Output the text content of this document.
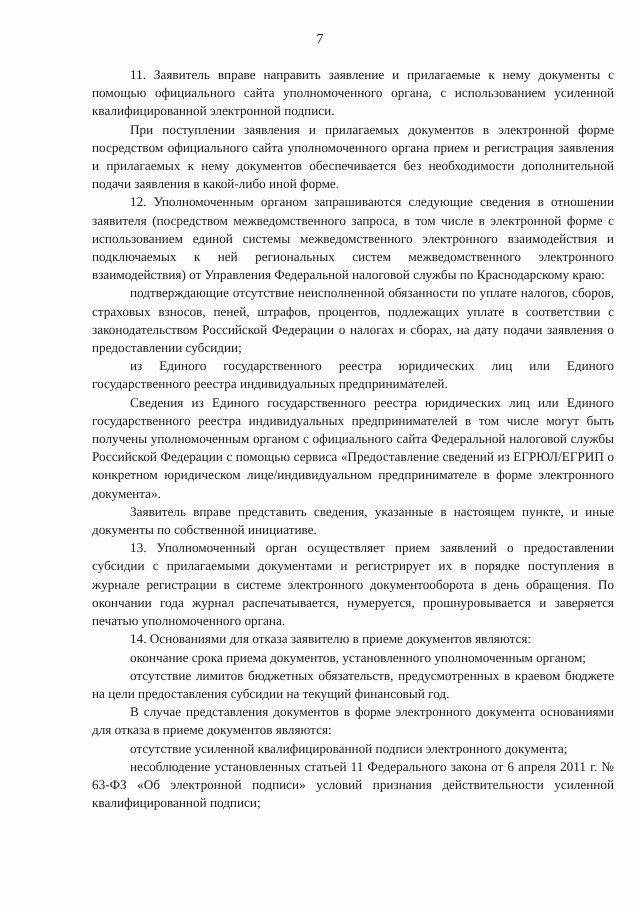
7

11. Заявитель вправе направить заявление и прилагаемые к нему документы с помощью официального сайта уполномоченного органа, с использованием усиленной квалифицированной электронной подписи.

При поступлении заявления и прилагаемых документов в электронной форме посредством официального сайта уполномоченного органа прием и регистрация заявления и прилагаемых к нему документов обеспечивается без необходимости дополнительной подачи заявления в какой-либо иной форме.

12. Уполномоченным органом запрашиваются следующие сведения в отношении заявителя (посредством межведомственного запроса, в том числе в электронной форме с использованием единой системы межведомственного электронного взаимодействия и подключаемых к ней региональных систем межведомственного электронного взаимодействия) от Управления Федеральной налоговой службы по Краснодарскому краю:

подтверждающие отсутствие неисполненной обязанности по уплате налогов, сборов, страховых взносов, пеней, штрафов, процентов, подлежащих уплате в соответствии с законодательством Российской Федерации о налогах и сборах, на дату подачи заявления о предоставлении субсидии;

из Единого государственного реестра юридических лиц или Единого государственного реестра индивидуальных предпринимателей.

Сведения из Единого государственного реестра юридических лиц или Единого государственного реестра индивидуальных предпринимателей в том числе могут быть получены уполномоченным органом с официального сайта Федеральной налоговой службы Российской Федерации с помощью сервиса «Предоставление сведений из ЕГРЮЛ/ЕГРИП о конкретном юридическом лице/индивидуальном предпринимателе в форме электронного документа».

Заявитель вправе представить сведения, указанные в настоящем пункте, и иные документы по собственной инициативе.

13. Уполномоченный орган осуществляет прием заявлений о предоставлении субсидии с прилагаемыми документами и регистрирует их в порядке поступления в журнале регистрации в системе электронного документооборота в день обращения. По окончании года журнал распечатывается, нумеруется, прошнуровывается и заверяется печатью уполномоченного органа.

14. Основаниями для отказа заявителю в приеме документов являются:

окончание срока приема документов, установленного уполномоченным органом;

отсутствие лимитов бюджетных обязательств, предусмотренных в краевом бюджете на цели предоставления субсидии на текущий финансовый год.

В случае представления документов в форме электронного документа основаниями для отказа в приеме документов являются:

отсутствие усиленной квалифицированной подписи электронного документа;

несоблюдение установленных статьей 11 Федерального закона от 6 апреля 2011 г. № 63-ФЗ «Об электронной подписи» условий признания действительности усиленной квалифицированной подписи;
